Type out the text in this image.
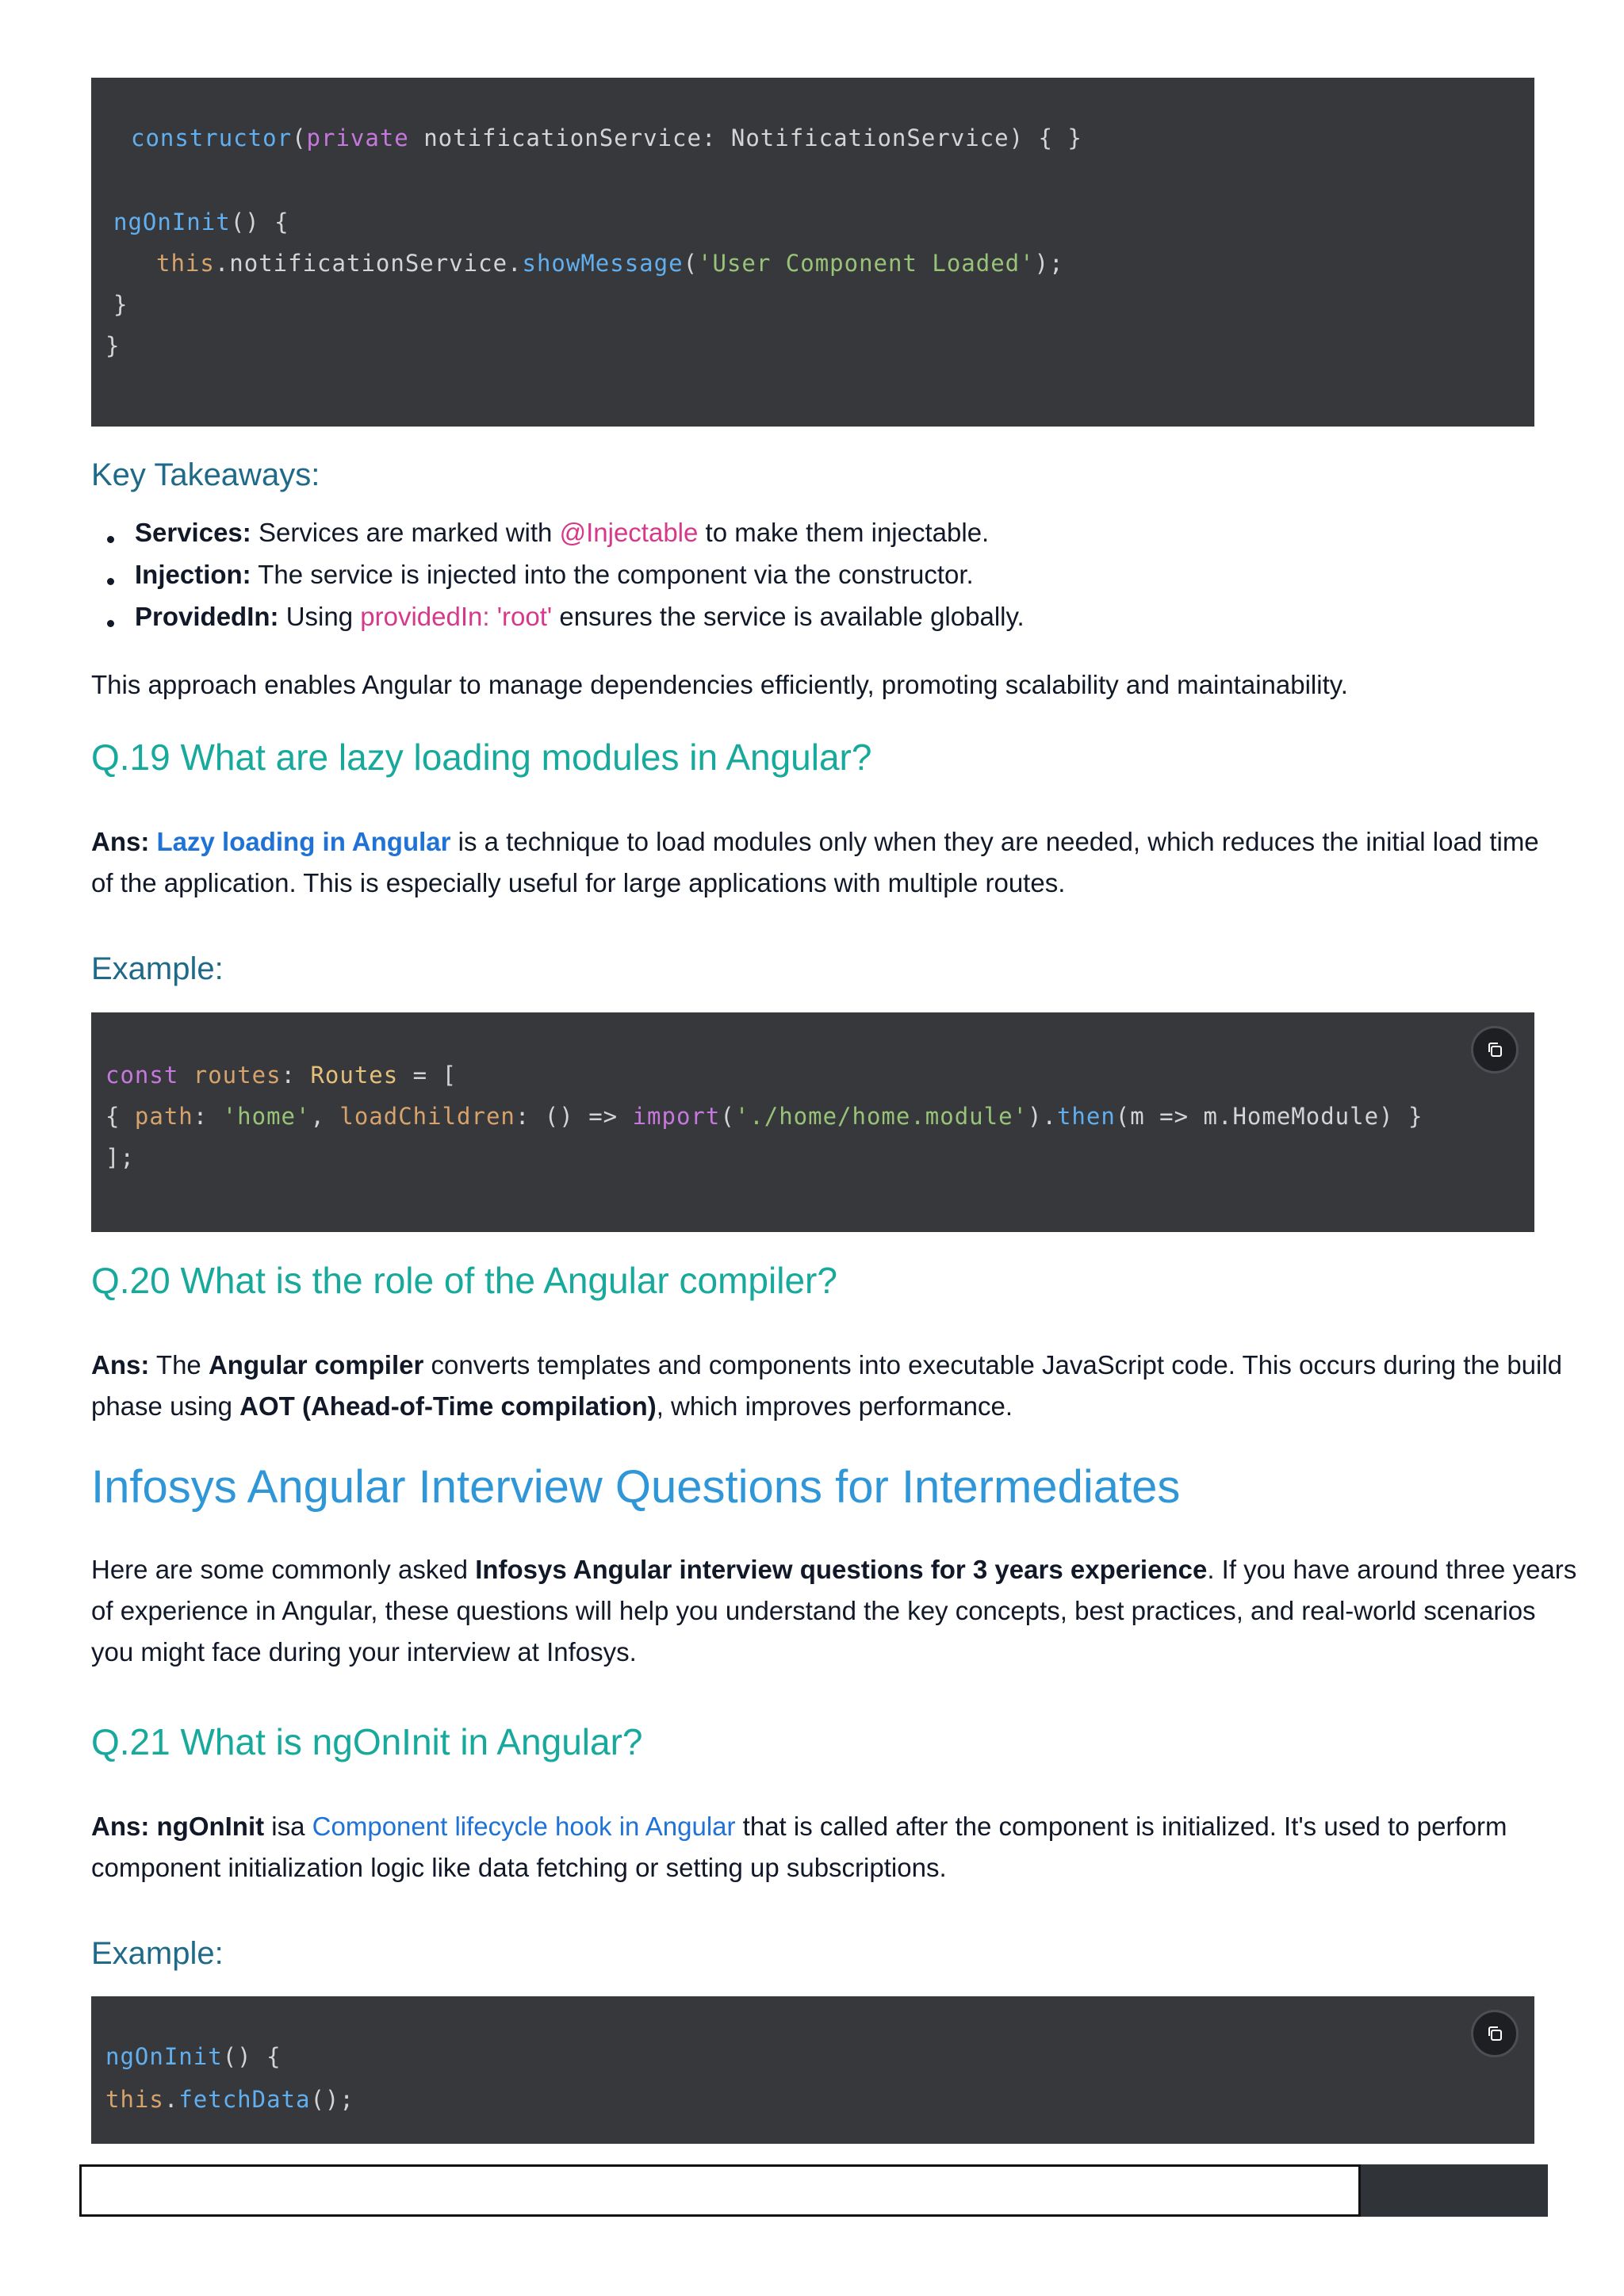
constructor(private notificationService: NotificationService) { }
ngOnInit() {
this.notificationService.showMessage('User Component Loaded');
}
}
Key Takeaways:
Services: Services are marked with @Injectable to make them injectable.
Injection: The service is injected into the component via the constructor.
ProvidedIn: Using providedIn: 'root' ensures the service is available globally.

This approach enables Angular to manage dependencies efficiently, promoting scalability and maintainability.

Q.19 What are lazy loading modules in Angular?

Ans: Lazy loading in Angular is a technique to load modules only when they are needed, which reduces the initial load time of the application. This is especially useful for large applications with multiple routes.

Example:
const routes: Routes = [
{ path: 'home', loadChildren: () => import('./home/home.module').then(m => m.HomeModule) }
];
Q.20 What is the role of the Angular compiler?

Ans: The Angular compiler converts templates and components into executable JavaScript code. This occurs during the build phase using AOT (Ahead-of-Time compilation), which improves performance.

Infosys Angular Interview Questions for Intermediates

Here are some commonly asked Infosys Angular interview questions for 3 years experience. If you have around three years of experience in Angular, these questions will help you understand the key concepts, best practices, and real-world scenarios you might face during your interview at Infosys.

Q.21 What is ngOnInit in Angular?

Ans: ngOnInit isa Component lifecycle hook in Angular that is called after the component is initialized. It's used to perform component initialization logic like data fetching or setting up subscriptions.

Example:
ngOnInit() {
this.fetchData();
